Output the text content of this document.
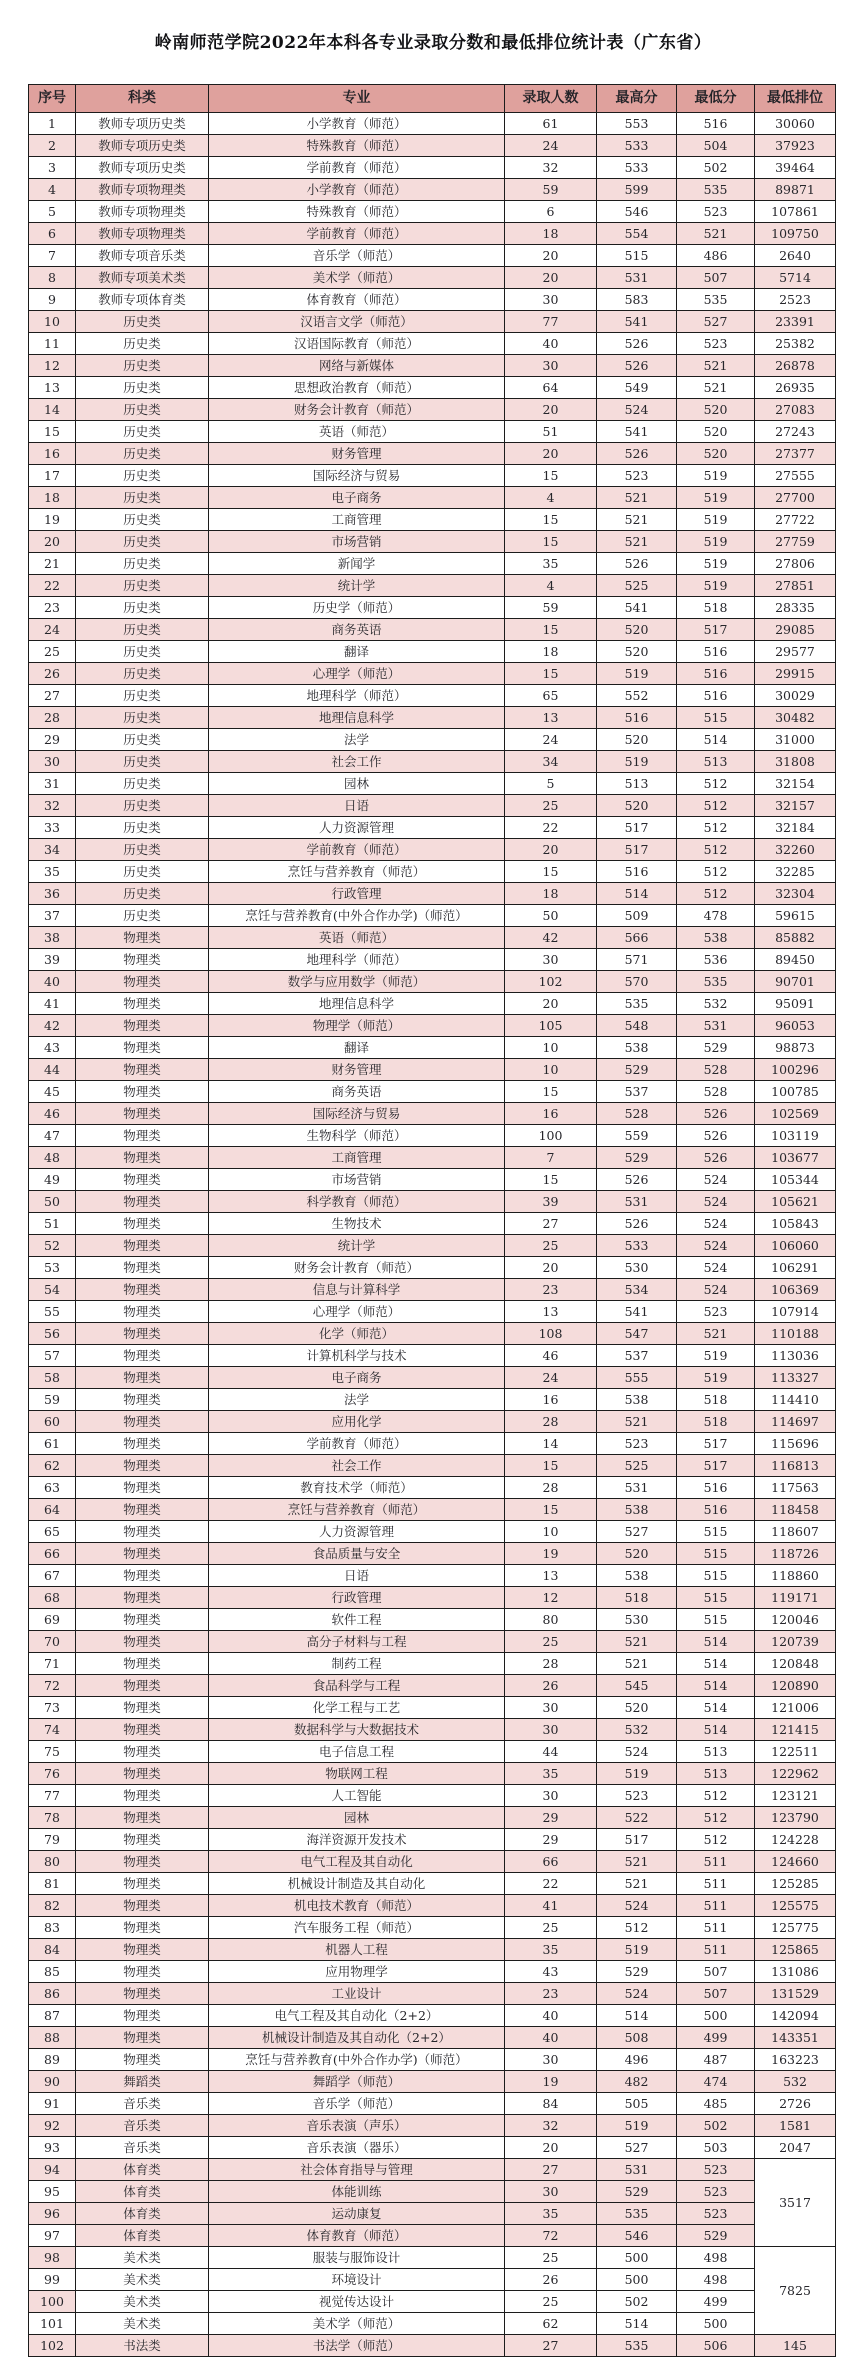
岭南师范学院2022年本科各专业录取分数和最低排位统计表（广东省）
序号	科类	专业	录取人数	最高分	最低分	最低排位
1	教师专项历史类	小学教育（师范）	61	553	516	30060
2	教师专项历史类	特殊教育（师范）	24	533	504	37923
3	教师专项历史类	学前教育（师范）	32	533	502	39464
4	教师专项物理类	小学教育（师范）	59	599	535	89871
5	教师专项物理类	特殊教育（师范）	6	546	523	107861
6	教师专项物理类	学前教育（师范）	18	554	521	109750
7	教师专项音乐类	音乐学（师范）	20	515	486	2640
8	教师专项美术类	美术学（师范）	20	531	507	5714
9	教师专项体育类	体育教育（师范）	30	583	535	2523
10	历史类	汉语言文学（师范）	77	541	527	23391
11	历史类	汉语国际教育（师范）	40	526	523	25382
12	历史类	网络与新媒体	30	526	521	26878
13	历史类	思想政治教育（师范）	64	549	521	26935
14	历史类	财务会计教育（师范）	20	524	520	27083
15	历史类	英语（师范）	51	541	520	27243
16	历史类	财务管理	20	526	520	27377
17	历史类	国际经济与贸易	15	523	519	27555
18	历史类	电子商务	4	521	519	27700
19	历史类	工商管理	15	521	519	27722
20	历史类	市场营销	15	521	519	27759
21	历史类	新闻学	35	526	519	27806
22	历史类	统计学	4	525	519	27851
23	历史类	历史学（师范）	59	541	518	28335
24	历史类	商务英语	15	520	517	29085
25	历史类	翻译	18	520	516	29577
26	历史类	心理学（师范）	15	519	516	29915
27	历史类	地理科学（师范）	65	552	516	30029
28	历史类	地理信息科学	13	516	515	30482
29	历史类	法学	24	520	514	31000
30	历史类	社会工作	34	519	513	31808
31	历史类	园林	5	513	512	32154
32	历史类	日语	25	520	512	32157
33	历史类	人力资源管理	22	517	512	32184
34	历史类	学前教育（师范）	20	517	512	32260
35	历史类	烹饪与营养教育（师范）	15	516	512	32285
36	历史类	行政管理	18	514	512	32304
37	历史类	烹饪与营养教育(中外合作办学)（师范）	50	509	478	59615
38	物理类	英语（师范）	42	566	538	85882
39	物理类	地理科学（师范）	30	571	536	89450
40	物理类	数学与应用数学（师范）	102	570	535	90701
41	物理类	地理信息科学	20	535	532	95091
42	物理类	物理学（师范）	105	548	531	96053
43	物理类	翻译	10	538	529	98873
44	物理类	财务管理	10	529	528	100296
45	物理类	商务英语	15	537	528	100785
46	物理类	国际经济与贸易	16	528	526	102569
47	物理类	生物科学（师范）	100	559	526	103119
48	物理类	工商管理	7	529	526	103677
49	物理类	市场营销	15	526	524	105344
50	物理类	科学教育（师范）	39	531	524	105621
51	物理类	生物技术	27	526	524	105843
52	物理类	统计学	25	533	524	106060
53	物理类	财务会计教育（师范）	20	530	524	106291
54	物理类	信息与计算科学	23	534	524	106369
55	物理类	心理学（师范）	13	541	523	107914
56	物理类	化学（师范）	108	547	521	110188
57	物理类	计算机科学与技术	46	537	519	113036
58	物理类	电子商务	24	555	519	113327
59	物理类	法学	16	538	518	114410
60	物理类	应用化学	28	521	518	114697
61	物理类	学前教育（师范）	14	523	517	115696
62	物理类	社会工作	15	525	517	116813
63	物理类	教育技术学（师范）	28	531	516	117563
64	物理类	烹饪与营养教育（师范）	15	538	516	118458
65	物理类	人力资源管理	10	527	515	118607
66	物理类	食品质量与安全	19	520	515	118726
67	物理类	日语	13	538	515	118860
68	物理类	行政管理	12	518	515	119171
69	物理类	软件工程	80	530	515	120046
70	物理类	高分子材料与工程	25	521	514	120739
71	物理类	制药工程	28	521	514	120848
72	物理类	食品科学与工程	26	545	514	120890
73	物理类	化学工程与工艺	30	520	514	121006
74	物理类	数据科学与大数据技术	30	532	514	121415
75	物理类	电子信息工程	44	524	513	122511
76	物理类	物联网工程	35	519	513	122962
77	物理类	人工智能	30	523	512	123121
78	物理类	园林	29	522	512	123790
79	物理类	海洋资源开发技术	29	517	512	124228
80	物理类	电气工程及其自动化	66	521	511	124660
81	物理类	机械设计制造及其自动化	22	521	511	125285
82	物理类	机电技术教育（师范）	41	524	511	125575
83	物理类	汽车服务工程（师范）	25	512	511	125775
84	物理类	机器人工程	35	519	511	125865
85	物理类	应用物理学	43	529	507	131086
86	物理类	工业设计	23	524	507	131529
87	物理类	电气工程及其自动化（2+2）	40	514	500	142094
88	物理类	机械设计制造及其自动化（2+2）	40	508	499	143351
89	物理类	烹饪与营养教育(中外合作办学)（师范）	30	496	487	163223
90	舞蹈类	舞蹈学（师范）	19	482	474	532
91	音乐类	音乐学（师范）	84	505	485	2726
92	音乐类	音乐表演（声乐）	32	519	502	1581
93	音乐类	音乐表演（器乐）	20	527	503	2047
94	体育类	社会体育指导与管理	27	531	523	3517
95	体育类	体能训练	30	529	523	
96	体育类	运动康复	35	535	523	
97	体育类	体育教育（师范）	72	546	529	
98	美术类	服装与服饰设计	25	500	498	7825
99	美术类	环境设计	26	500	498	
100	美术类	视觉传达设计	25	502	499	
101	美术类	美术学（师范）	62	514	500	
102	书法类	书法学（师范）	27	535	506	145
